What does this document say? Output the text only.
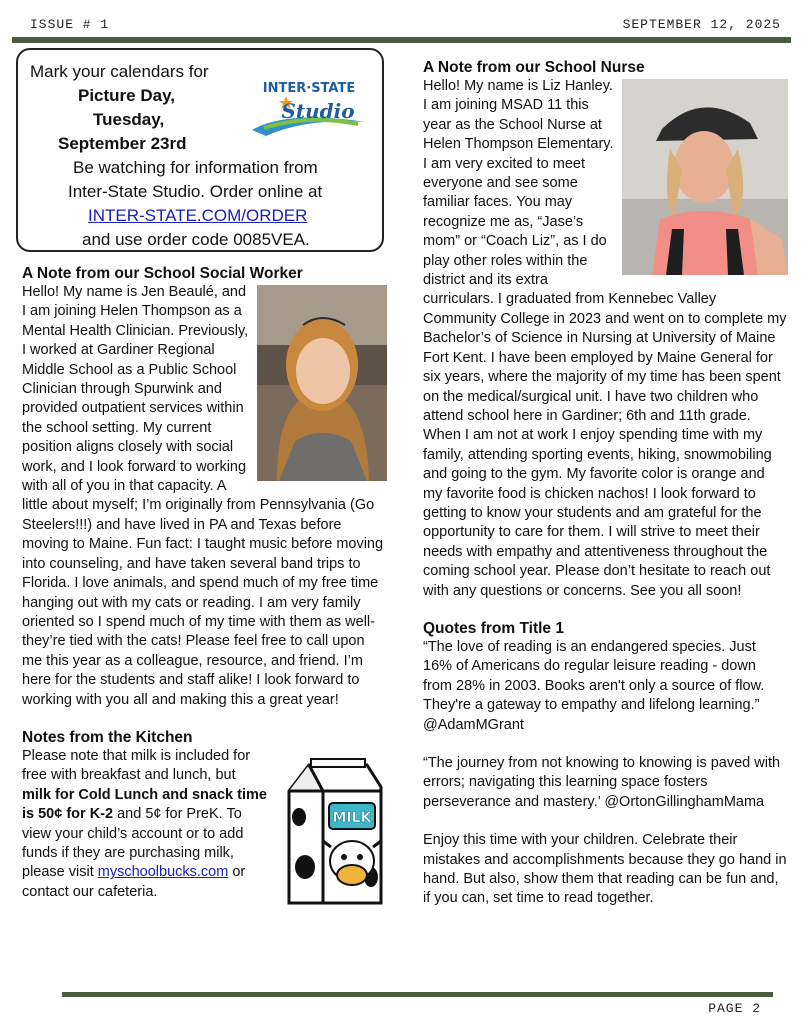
ISSUE # 1	SEPTEMBER 12, 2025
Mark your calendars for
Picture Day,
Tuesday,
September 23rd
Be watching for information from
Inter-State Studio. Order online at
INTER-STATE.COM/ORDER
and use order code 0085VEA.
INTER·STATE
Studio
A Note from our School Social Worker

Hello! My name is Jen Beaulé, and I am joining Helen Thompson as a Mental Health Clinician. Previously, I worked at Gardiner Regional Middle School as a Public School Clinician through Spurwink and provided outpatient services within the school setting. My current position aligns closely with social work, and I look forward to working with all of you in that capacity. A little about myself; I’m originally from Pennsylvania (Go Steelers!!!) and have lived in PA and Texas before moving to Maine. Fun fact: I taught music before moving into counseling, and have taken several band trips to Florida. I love animals, and spend much of my free time hanging out with my cats or reading. I am very family oriented so I spend much of my time with them as well-they’re tied with the cats! Please feel free to call upon me this year as a colleague, resource, and friend. I’m here for the students and staff alike! I look forward to working with you all and making this a great year!

Notes from the Kitchen
MILK

Please note that milk is included for free with breakfast and lunch, but milk for Cold Lunch and snack time is 50¢ for K-2 and 5¢ for PreK. To view your child’s account or to add funds if they are purchasing milk, please visit myschoolbucks.com or contact our cafeteria.

A Note from our School Nurse

Hello! My name is Liz Hanley. I am joining MSAD 11 this year as the School Nurse at Helen Thompson Elementary. I am very excited to meet everyone and see some familiar faces. You may recognize me as, “Jase’s mom” or “Coach Liz”, as I do play other roles within the district and its extra curriculars. I graduated from Kennebec Valley Community College in 2023 and went on to complete my Bachelor’s of Science in Nursing at University of Maine Fort Kent. I have been employed by Maine General for six years, where the majority of my time has been spent on the medical/surgical unit. I have two children who attend school here in Gardiner; 6th and 11th grade. When I am not at work I enjoy spending time with my family, attending sporting events, hiking, snowmobiling and going to the gym. My favorite color is orange and my favorite food is chicken nachos! I look forward to getting to know your students and am grateful for the opportunity to care for them. I will strive to meet their needs with empathy and attentiveness throughout the coming school year. Please don’t hesitate to reach out with any questions or concerns. See you all soon!

Quotes from Title 1

“The love of reading is an endangered species. Just 16% of Americans do regular leisure reading - down from 28% in 2003. Books aren't only a source of flow. They're a gateway to empathy and lifelong learning.” @AdamMGrant

“The journey from not knowing to knowing is paved with errors; navigating this learning space fosters perseverance and mastery.’ @OrtonGillinghamMama

Enjoy this time with your children. Celebrate their mistakes and accomplishments because they go hand in hand. But also, show them that reading can be fun and, if you can, set time to read together.

PAGE 2
